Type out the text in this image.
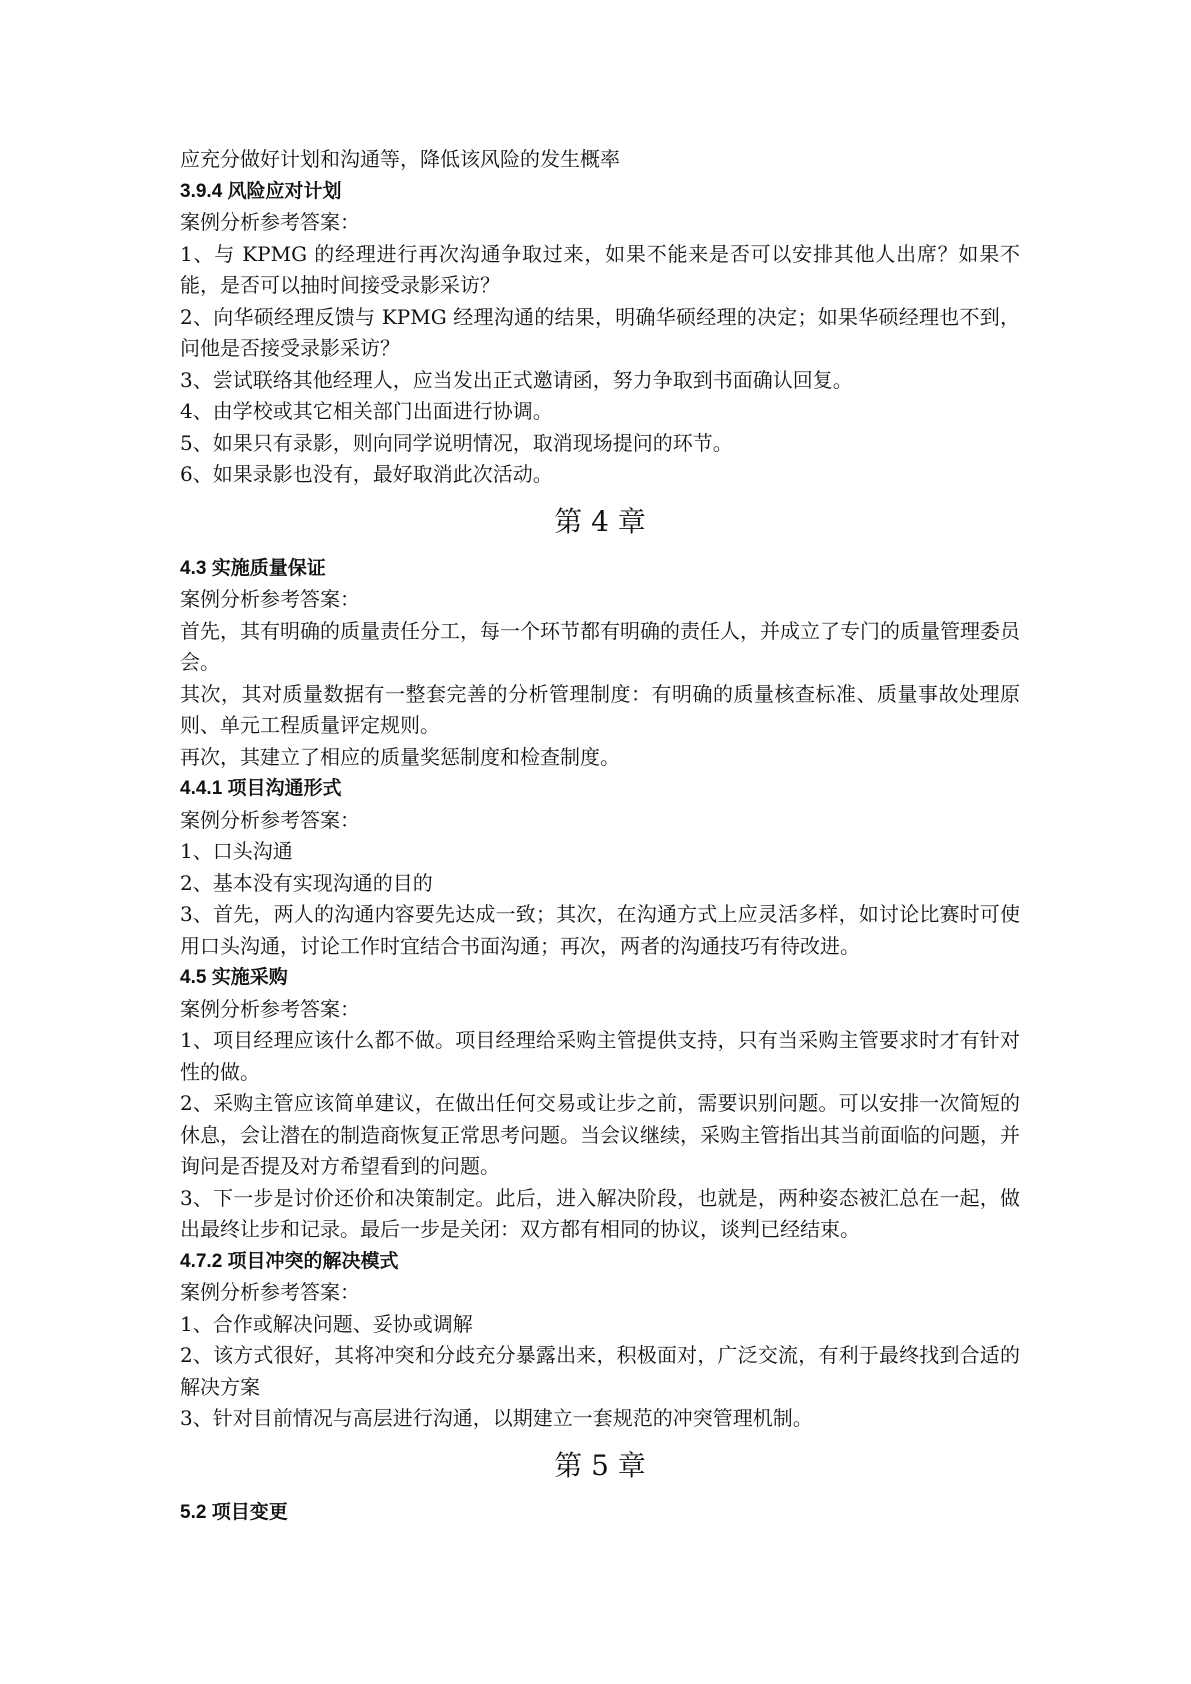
应充分做好计划和沟通等，降低该风险的发生概率

3.9.4 风险应对计划

案例分析参考答案：

1、与 KPMG 的经理进行再次沟通争取过来，如果不能来是否可以安排其他人出席？如果不能，是否可以抽时间接受录影采访？

2、向华硕经理反馈与 KPMG 经理沟通的结果，明确华硕经理的决定；如果华硕经理也不到，问他是否接受录影采访？

3、尝试联络其他经理人，应当发出正式邀请函，努力争取到书面确认回复。

4、由学校或其它相关部门出面进行协调。

5、如果只有录影，则向同学说明情况，取消现场提问的环节。

6、如果录影也没有，最好取消此次活动。

第 4 章

4.3 实施质量保证

案例分析参考答案：

首先，其有明确的质量责任分工，每一个环节都有明确的责任人，并成立了专门的质量管理委员会。

其次，其对质量数据有一整套完善的分析管理制度：有明确的质量核查标准、质量事故处理原则、单元工程质量评定规则。

再次，其建立了相应的质量奖惩制度和检查制度。

4.4.1 项目沟通形式

案例分析参考答案：

1、口头沟通

2、基本没有实现沟通的目的

3、首先，两人的沟通内容要先达成一致；其次，在沟通方式上应灵活多样，如讨论比赛时可使用口头沟通，讨论工作时宜结合书面沟通；再次，两者的沟通技巧有待改进。

4.5 实施采购

案例分析参考答案：

1、项目经理应该什么都不做。项目经理给采购主管提供支持，只有当采购主管要求时才有针对性的做。

2、采购主管应该简单建议，在做出任何交易或让步之前，需要识别问题。可以安排一次简短的休息，会让潜在的制造商恢复正常思考问题。当会议继续，采购主管指出其当前面临的问题，并询问是否提及对方希望看到的问题。

3、下一步是讨价还价和决策制定。此后，进入解决阶段，也就是，两种姿态被汇总在一起，做出最终让步和记录。最后一步是关闭：双方都有相同的协议，谈判已经结束。

4.7.2 项目冲突的解决模式

案例分析参考答案：

1、合作或解决问题、妥协或调解

2、该方式很好，其将冲突和分歧充分暴露出来，积极面对，广泛交流，有利于最终找到合适的解决方案

3、针对目前情况与高层进行沟通，以期建立一套规范的冲突管理机制。

第 5 章

5.2 项目变更
